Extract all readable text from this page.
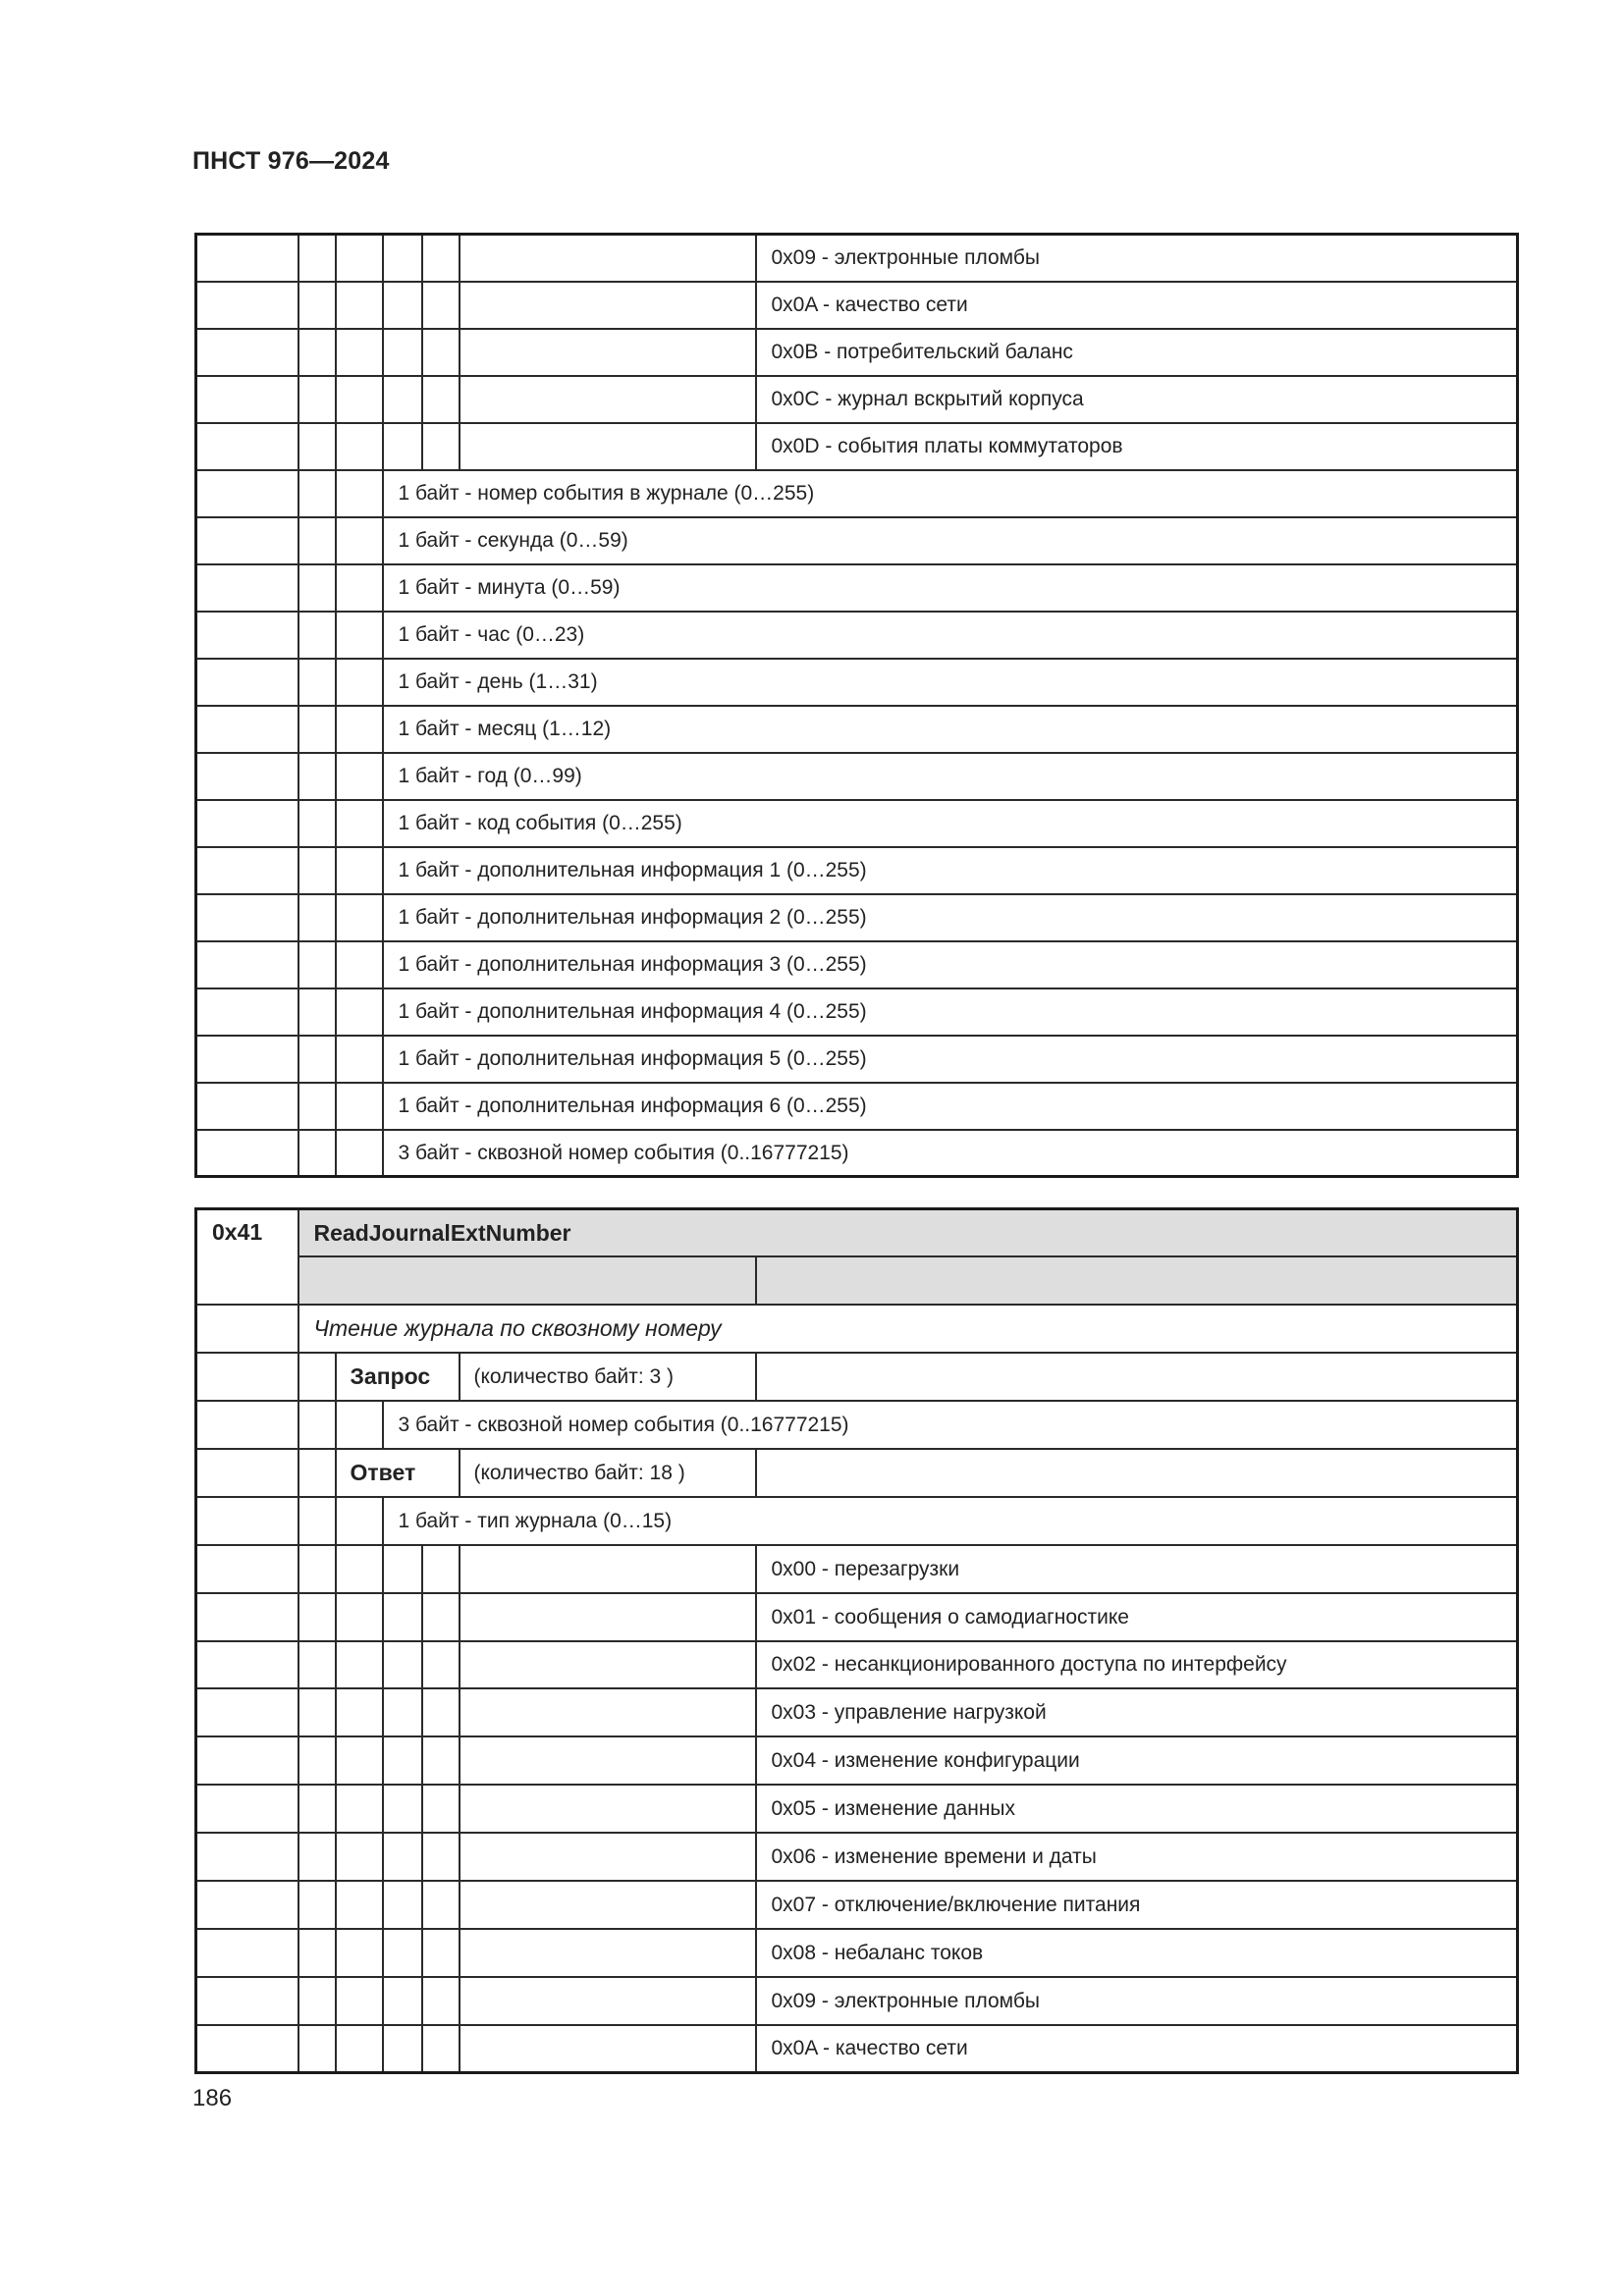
ПНСТ 976—2024
						0x09 - электронные пломбы
						0x0A - качество сети
						0x0B - потребительский баланс
						0x0C - журнал вскрытий корпуса
						0x0D - события платы коммутаторов
			1 байт - номер события в журнале (0…255)			
			1 байт - секунда (0…59)			
			1 байт - минута (0…59)			
			1 байт - час (0…23)			
			1 байт - день (1…31)			
			1 байт - месяц (1…12)			
			1 байт - год (0…99)			
			1 байт - код события (0…255)			
			1 байт - дополнительная информация 1 (0…255)			
			1 байт - дополнительная информация 2 (0…255)			
			1 байт - дополнительная информация 3 (0…255)			
			1 байт - дополнительная информация 4 (0…255)			
			1 байт - дополнительная информация 5 (0…255)			
			1 байт - дополнительная информация 6 (0…255)			
			3 байт - сквозной номер события (0..16777215)			
0x41	ReadJournalExtNumber					

	Чтение журнала по сквозному номеру					
		Запрос			(количество байт: 3 )	
			3 байт - сквозной номер события (0..16777215)			
		Ответ			(количество байт: 18 )	
			1 байт - тип журнала (0…15)			
						0x00 - перезагрузки
						0x01 - сообщения о самодиагностике
						0x02 - несанкционированного доступа по интерфейсу
						0x03 - управление нагрузкой
						0x04 - изменение конфигурации
						0x05 - изменение данных
						0x06 - изменение времени и даты
						0x07 - отключение/включение питания
						0x08 - небаланс токов
						0x09 - электронные пломбы
						0x0A - качество сети
186
